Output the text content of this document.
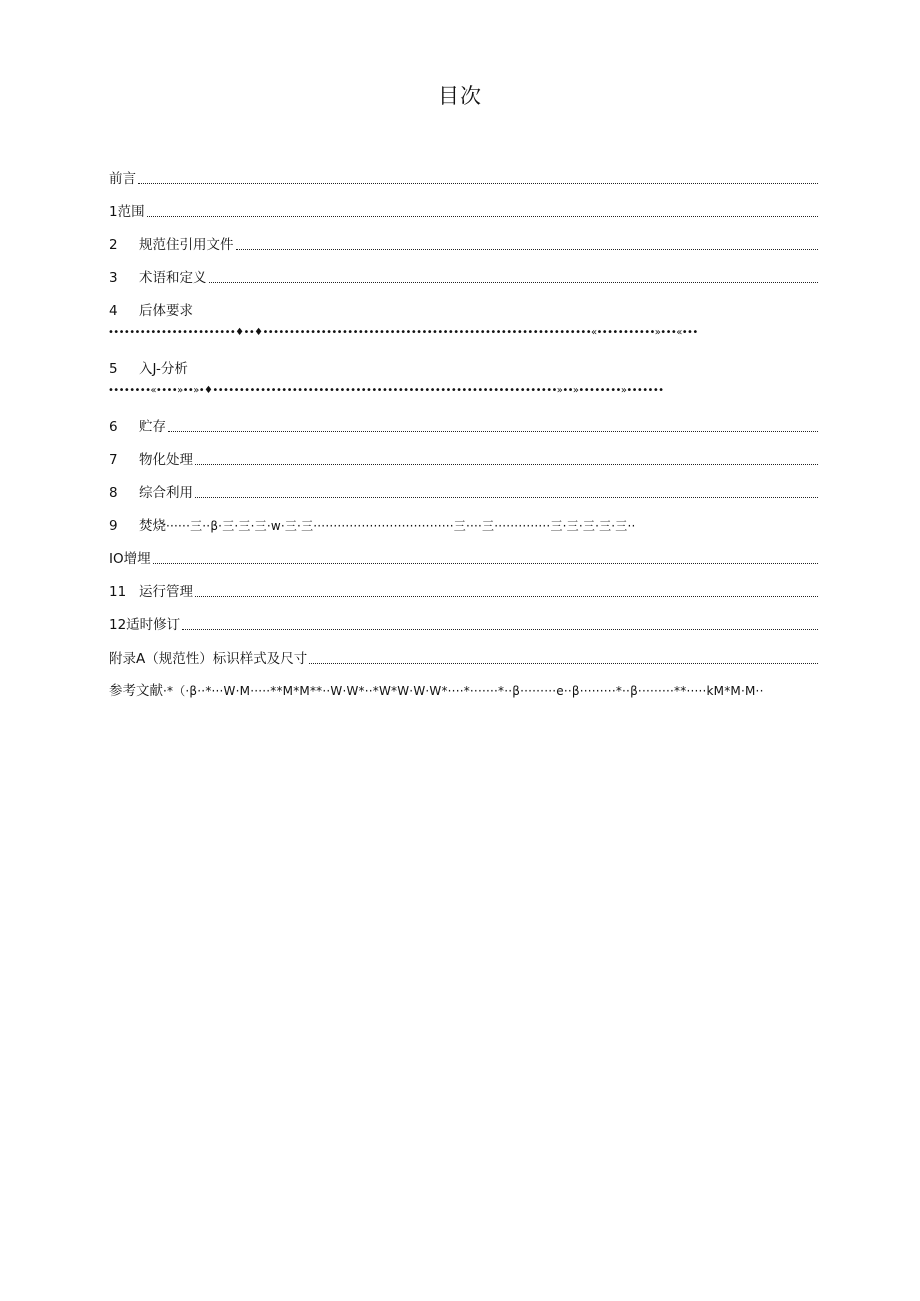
目次
前言
1范围
2	规范住引用文件
3	术语和定义
4	后体要求
••••••••••••••••••••••••♦••♦••••••••••••••••••••••••••••••••••••••••••••••••••••••••••••••«•••••••••••»•••«•••
5	入J-分析
••••••••«••••»••»•♦•••••••••••••••••••••••••••••••••••••••••••••••••••••••••••••••••»••»••••••••»•••••••
6	贮存
7	物化处理
8	综合利用
9	焚烧 ······三··β·三·三·三·w·三·三···································三····三··············三·三·三·三·三··
IO增埋
11 运行管理
12适时修订
附录A（规范性）标识样式及尺寸
参考文献 ·*（·β··*···W·M·····**M*M**··W·W*··*W*W·W·W*····*·······*··β·········e··β·········*··β·········**·····kM*M·M··
